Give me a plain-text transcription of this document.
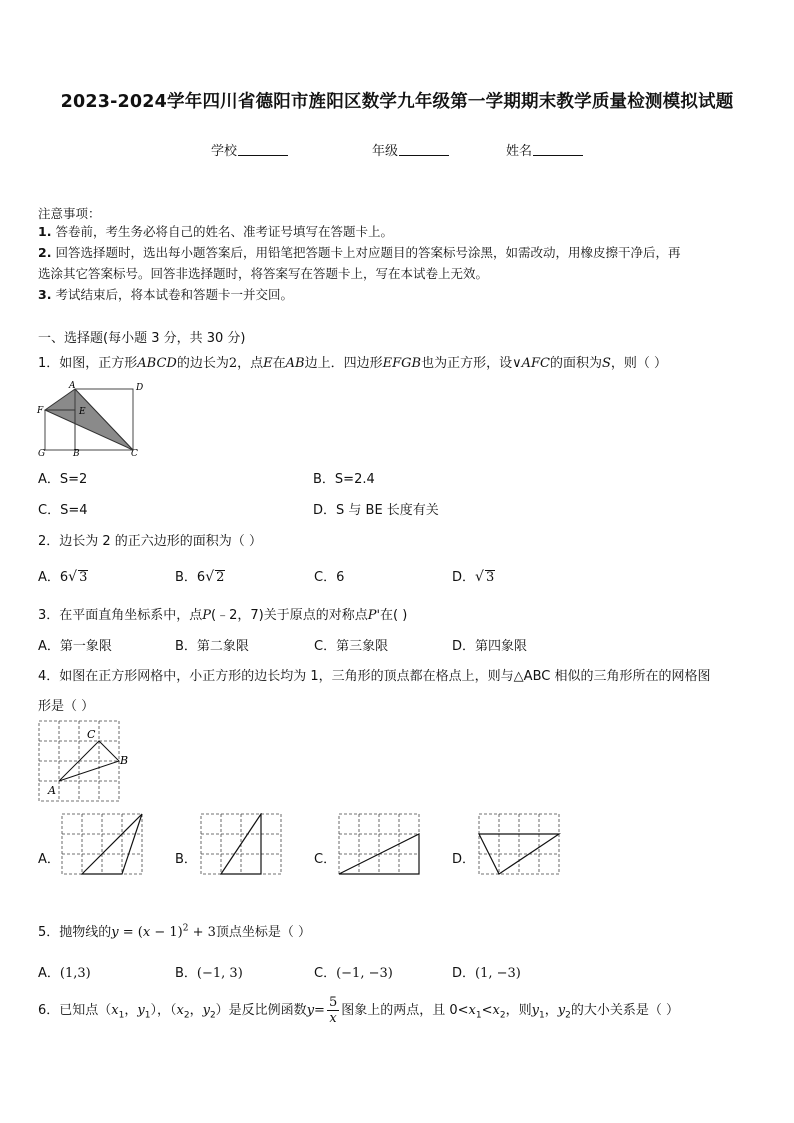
2023-2024学年四川省德阳市旌阳区数学九年级第一学期期末教学质量检测模拟试题
学校	年级	姓名
注意事项：
1. 答卷前，考生务必将自己的姓名、准考证号填写在答题卡上。
2. 回答选择题时，选出每小题答案后，用铅笔把答题卡上对应题目的答案标号涂黑，如需改动，用橡皮擦干净后，再
选涂其它答案标号。回答非选择题时，将答案写在答题卡上，写在本试卷上无效。
3. 考试结束后，将本试卷和答题卡一并交回。
一、选择题(每小题 3 分，共 30 分)
1．如图，正方形ABCD的边长为2，点E在AB边上．四边形EFGB也为正方形，设∨AFC的面积为S，则（ ）
A	D
F	E
G	B	C
A．S=2	B．S=2.4
C．S=4	D．S 与 BE 长度有关
2．边长为 2 的正六边形的面积为（ ）
A．6√ 3	B．6√ 2	C．6	D．√ 3
3．在平面直角坐标系中，点P(﹣2，7)关于原点的对称点P'在( )
A．第一象限	B．第二象限	C．第三象限	D．第四象限
4．如图在正方形网格中，小正方形的边长均为 1，三角形的顶点都在格点上，则与△ABC 相似的三角形所在的网格图
形是（ ）
A
B
C
A．	B．	C．	D．
5．抛物线的$y = (x - 1)^2 + 3$顶点坐标是（ ）
A．(1,3)	B．(−1, 3)	C．(−1, −3)	D．(1, −3)
6．已知点（$x_1$，$y_1$），（$x_2$，$y_2$）是反比例函数$y= \frac{5}{x}$ 图象上的两点，且 $0<x_1<x_2$，则$y_1$，$y_2$的大小关系是（ ）
